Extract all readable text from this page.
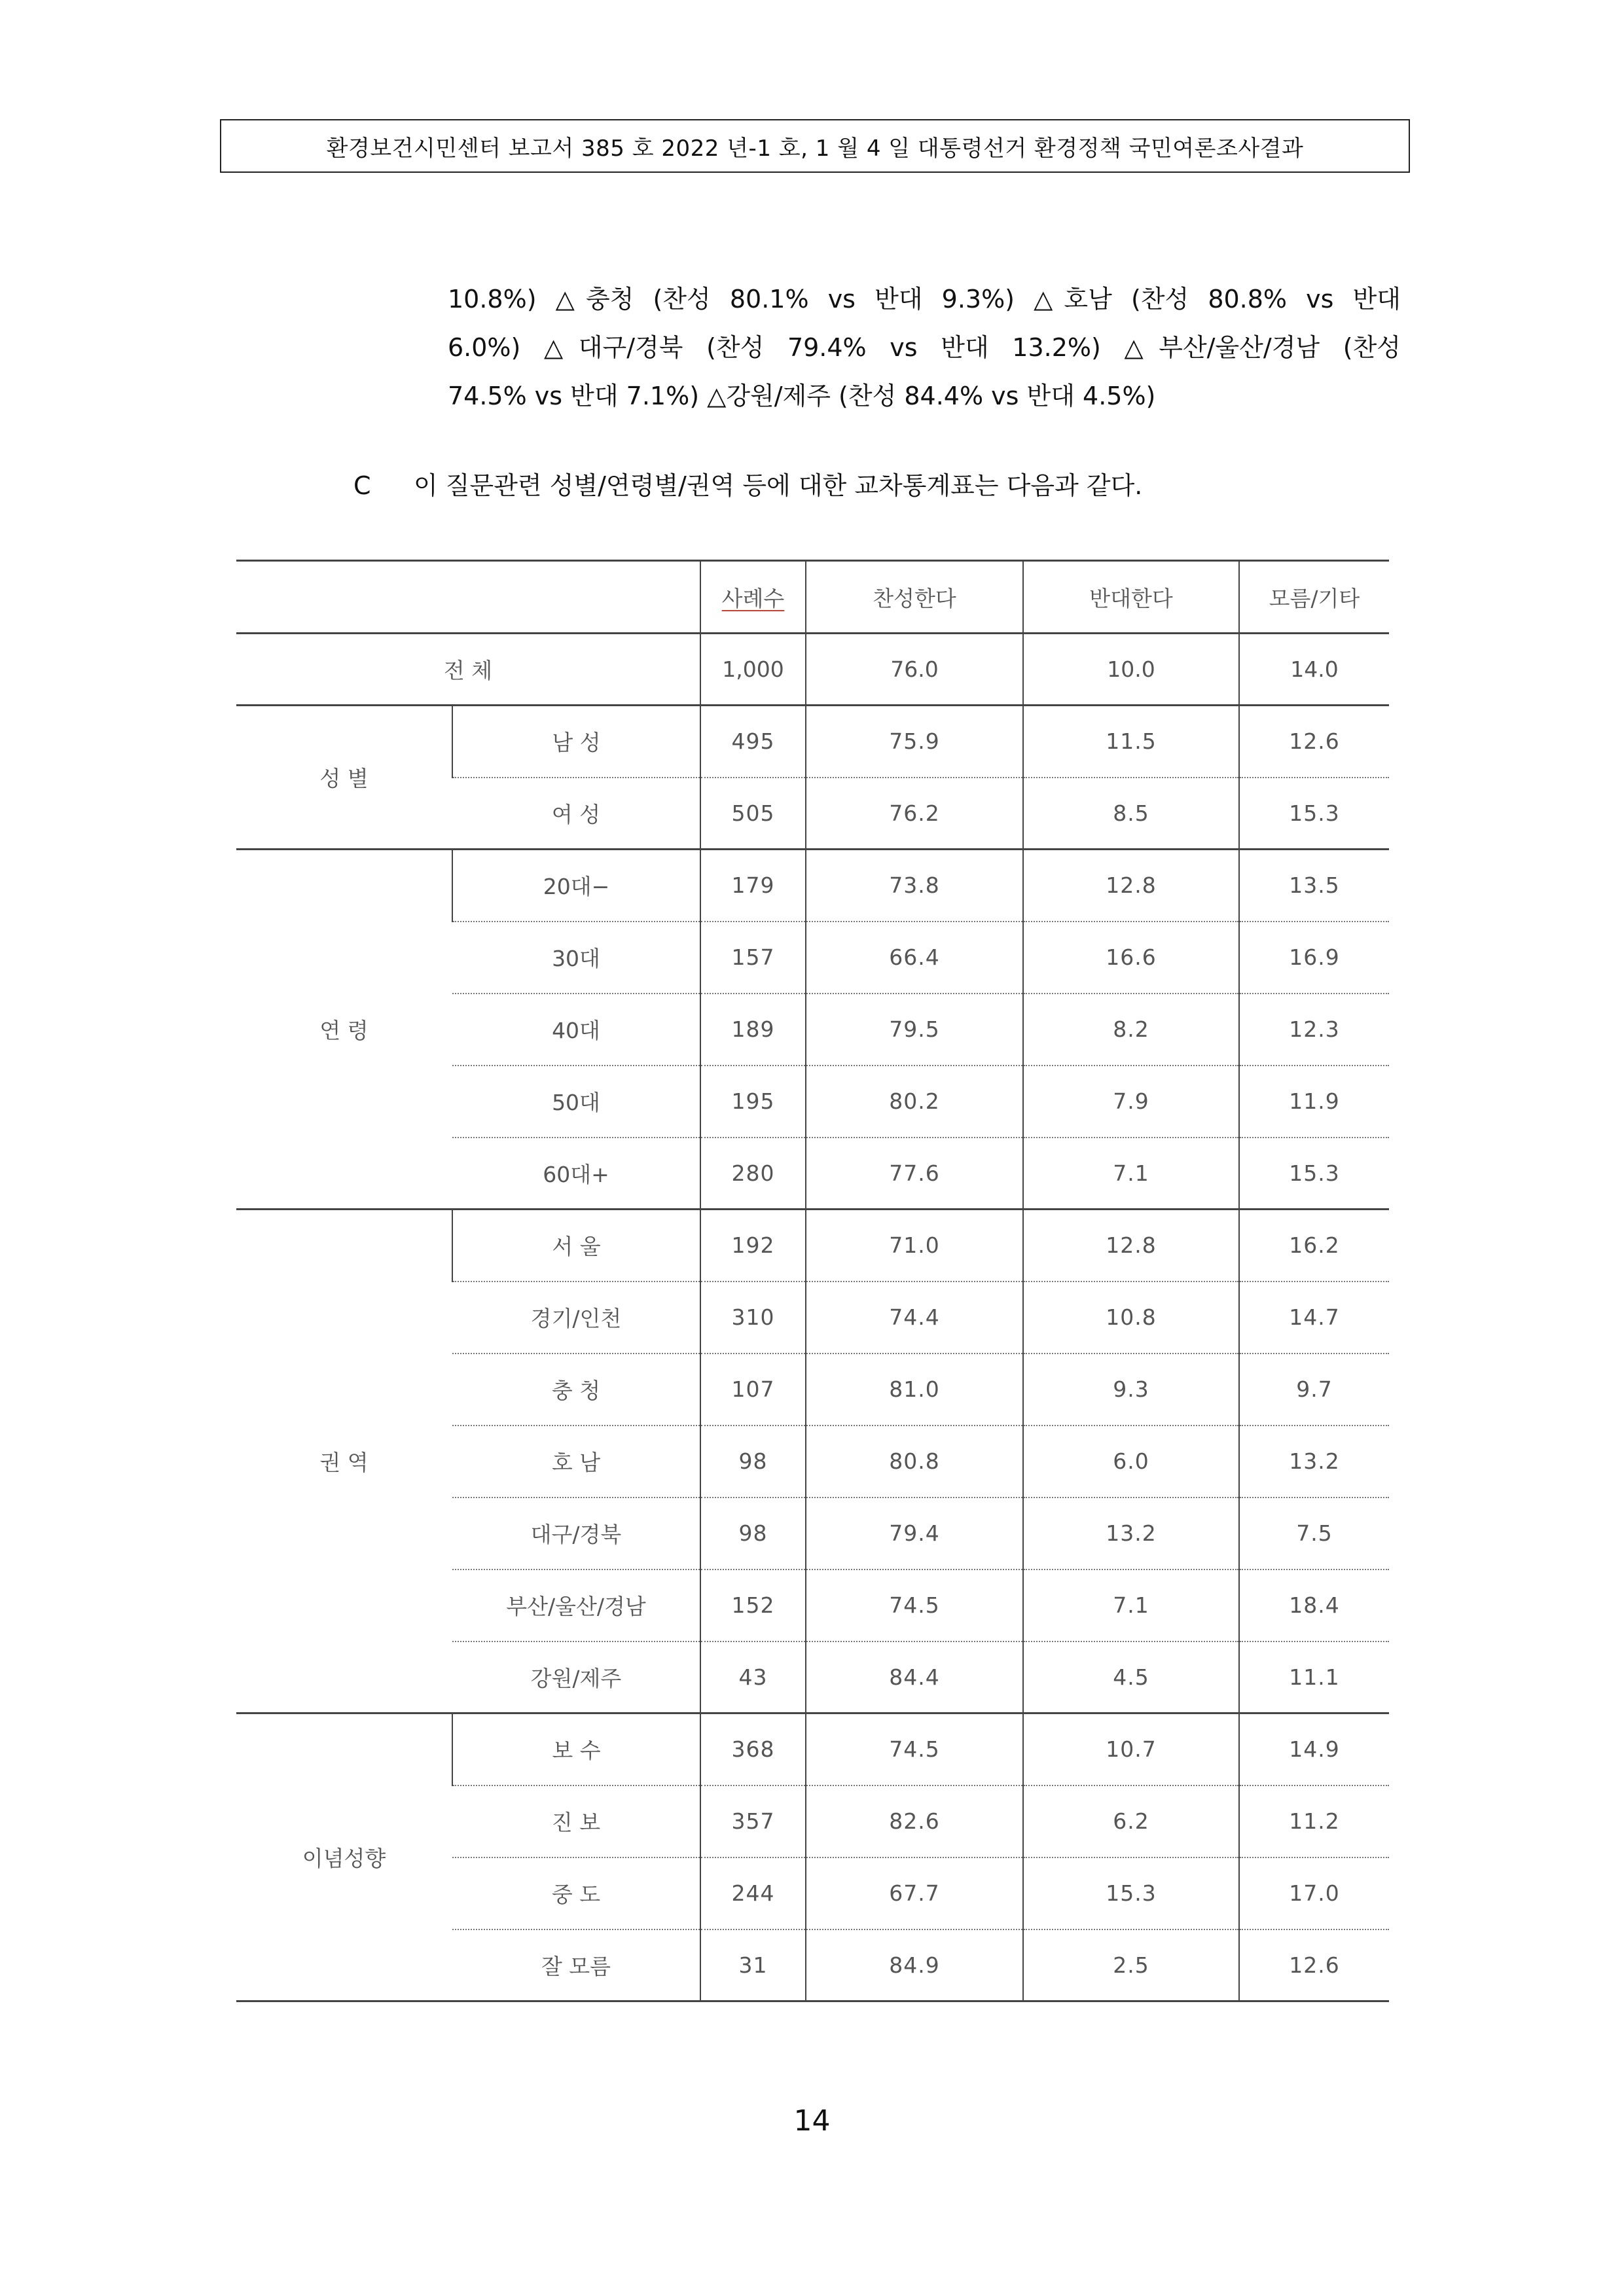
환경보건시민센터 보고서 385 호 2022 년-1 호, 1 월 4 일 대통령선거 환경정책 국민여론조사결과
10.8%) △충청 (찬성 80.1% vs 반대 9.3%) △호남 (찬성 80.8% vs 반대
6.0%) △대구/경북 (찬성 79.4% vs 반대 13.2%) △부산/울산/경남 (찬성
74.5% vs 반대 7.1%) △강원/제주 (찬성 84.4% vs 반대 4.5%)
C	이 질문관련 성별/연령별/권역 등에 대한 교차통계표는 다음과 같다.
		사례수	찬성한다	반대한다	모름/기타
전 체		1,000	76.0	10.0	14.0
성 별	남 성	495	75.9	11.5	12.6
	여 성	505	76.2	8.5	15.3
연 령	20대−	179	73.8	12.8	13.5
	30대	157	66.4	16.6	16.9
	40대	189	79.5	8.2	12.3
	50대	195	80.2	7.9	11.9
	60대+	280	77.6	7.1	15.3
권 역	서 울	192	71.0	12.8	16.2
	경기/인천	310	74.4	10.8	14.7
	충 청	107	81.0	9.3	9.7
	호 남	98	80.8	6.0	13.2
	대구/경북	98	79.4	13.2	7.5
	부산/울산/경남	152	74.5	7.1	18.4
	강원/제주	43	84.4	4.5	11.1
이념성향	보 수	368	74.5	10.7	14.9
	진 보	357	82.6	6.2	11.2
	중 도	244	67.7	15.3	17.0
	잘 모름	31	84.9	2.5	12.6
14
